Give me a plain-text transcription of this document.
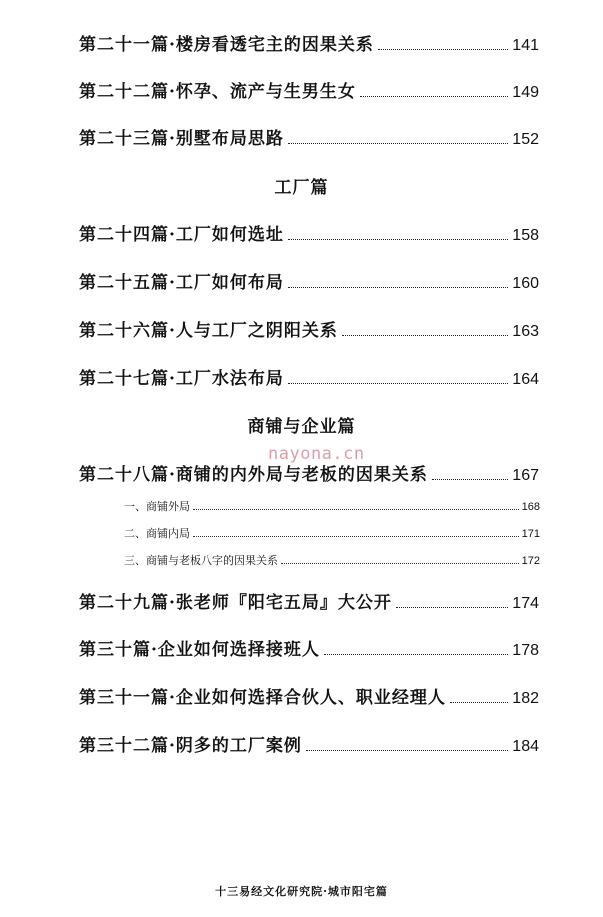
第二十一篇·楼房看透宅主的因果关系	141
第二十二篇·怀孕、流产与生男生女	149
第二十三篇·别墅布局思路	152
工厂篇
第二十四篇·工厂如何选址	158
第二十五篇·工厂如何布局	160
第二十六篇·人与工厂之阴阳关系	163
第二十七篇·工厂水法布局	164
商铺与企业篇
nayona.cn
第二十八篇·商铺的内外局与老板的因果关系	167
一、商铺外局	168
二、商铺内局	171
三、商铺与老板八字的因果关系	172
第二十九篇·张老师『阳宅五局』大公开	174
第三十篇·企业如何选择接班人	178
第三十一篇·企业如何选择合伙人、职业经理人	182
第三十二篇·阴多的工厂案例	184
十三易经文化研究院·城市阳宅篇
